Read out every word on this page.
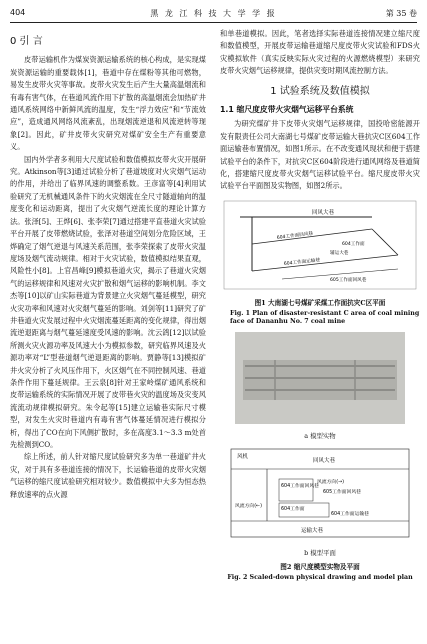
404	黑 龙 江 科 技 大 学 学 报	第 35 卷
0 引 言

皮带运输机作为煤炭资源运输系统的核心构成，是实现煤炭资源运输的重要载体[1]，巷道中存在煤粉等其他可燃物，易发生皮带火灾等事故。皮带火灾发生后产生大量高温烟流和有毒有害气体，在巷道风流作用下扩散的高温烟流会加热矿井通风系统网络中新鲜风流的温度，发生“浮力效应”和“节流效应”，造成通风网络风流紊乱，出现烟流逆退和风流逆转等现象[2]。因此，矿井皮带火灾研究对煤矿安全生产有重要意义。

国内外学者多利用大尺度试验和数值模拟皮带火灾开展研究。Atkinson等[3]通过试验分析了巷道坡度对火灾烟气运动的作用，并给出了临界风速的调整系数。王彦富等[4]利用试验研究了无机械通风条件下的火灾烟流在全尺寸隧道轴向的温度变化和运动距离，提出了火灾烟气逆流长度的理论计算方法。张泽[5]、王烨[6]、张李荣[7]通过搭建平直巷道火灾试验平台开展了皮带燃烧试验，张泽对巷道空间划分危险区域，王烨确定了烟气逆退与风速关系范围，张李荣探索了皮带火灾温度场及烟气流动规律。相对于火灾试验，数值模拟结果直观，风险性小[8]。上官昌峰[9]模拟巷道火灾，揭示了巷道火灾烟气的运移规律和风速对火灾扩散和烟气运移的影响机制。李文杰等[10]以矿山实际巷道为背景建立火灾烟气蔓延模型，研究火灾功率和风速对火灾烟气蔓延的影响。刘剑等[11]研究了矿井巷道火灾发展过程中火灾烟流蔓延距离的变化规律，得出烟流逆退距离与烟气蔓延速度受风速的影响。沈云鸽[12]以试验所测火灾火源功率及风速大小为模拟参数，研究临界风速及火源功率对“L”型巷道烟气逆退距离的影响。贾静等[13]模拟矿井火灾分析了火风压作用下，火区烟气在不同控制风速、巷道条件作用下蔓延规律。王云泉[8]针对王家岭煤矿通风系统和皮带运输系统的实际情况开展了皮带巷火灾的温度场及灾变风流流动规律模拟研究。朱令起等[15]建立运输巷实际尺寸模型，对发生火灾时巷道内有毒有害气体蔓延情况进行模拟分析，得出了CO在向下风侧扩散时，多在高度3.1～3.3 m处首先检测到CO。

综上所述，前人针对缩尺度试验研究多为单一巷道矿井火灾，对于具有多巷道连接的情况下，长运输巷道的皮带火灾烟气运移的缩尺度试验研究相对较少。数值模拟中大多为恒态热释放速率的点火源

和单巷道模拟。因此，笔者选择实际巷道连接情况建立缩尺度和数值模型，开展皮带运输巷道缩尺度皮带火灾试验和FDS火灾模拟软件（真实反映实际火灾过程的火源燃烧模型）来研究皮带火灾烟气运移规律，提供灾变时期风流控制方法。

1 试验系统及数值模拟
1.1 缩尺度皮带火灾烟气运移平台系统

为研究煤矿井下皮带火灾烟气运移规律，国投哈密能源开发有限责任公司大南湖七号煤矿皮带运输大巷抗灾C区604工作面运输巷布置情况，如图1所示。在不改变通风现状和便于搭建试验平台的条件下，对抗灾C区604阶段进行通风网络及巷道简化，搭建缩尺度皮带火灾烟气运移试验平台。缩尺度皮带火灾试验平台平面图及实物图，如图2所示。

回风大巷
604工作面回风巷
604工作面
辅运大巷
604工作面运输巷
605工作面回风巷
图1 大南湖七号煤矿采煤工作面抗灾C区平面
Fig. 1 Plan of disaster-resistant C area of coal mining face of Dananhu No. 7 coal mine
a 模型实物
风机
回风大巷
604工作面回风巷
风流方向(→)
605工作面回风巷
风流方向(←)
604工作面
604工作面运输巷
运输大巷
b 模型平面
图2 缩尺度模型实物及平面
Fig. 2 Scaled-down physical drawing and model plan
